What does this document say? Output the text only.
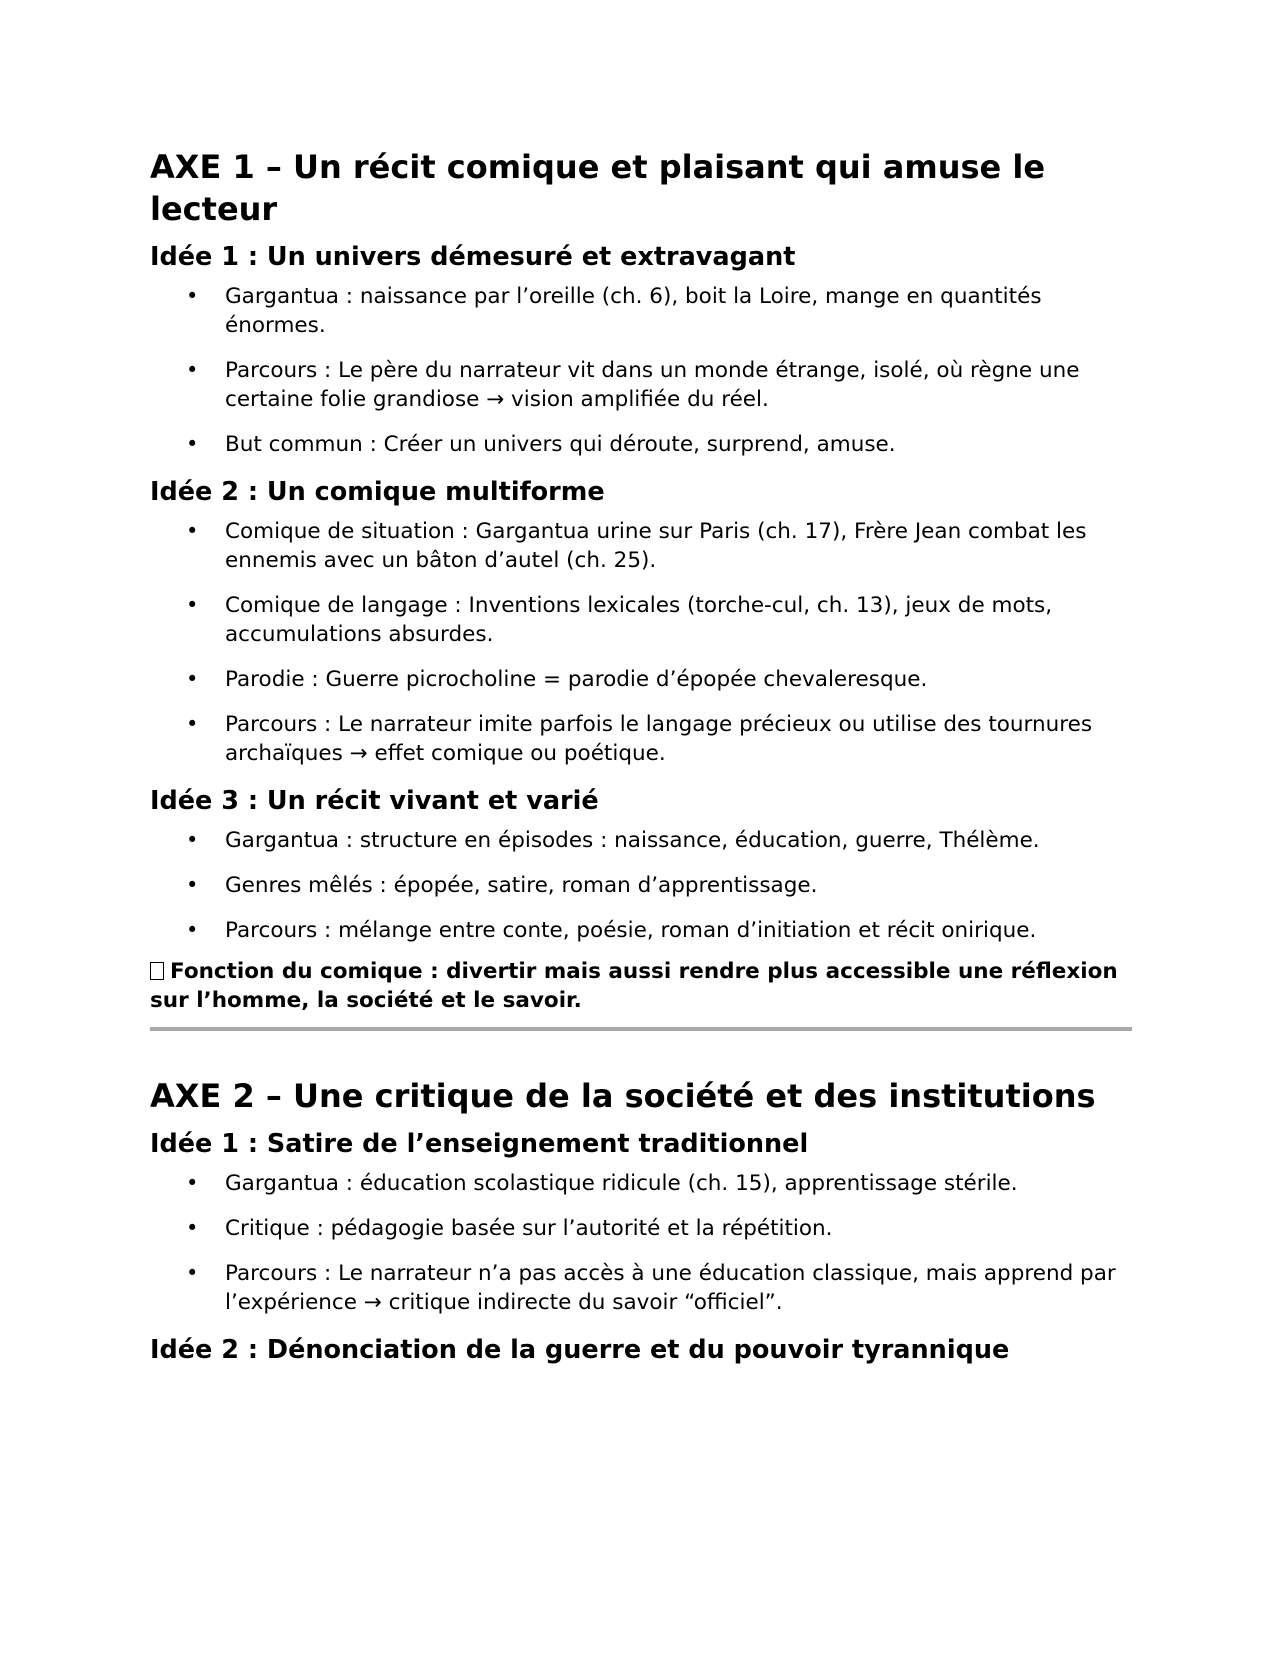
AXE 1 – Un récit comique et plaisant qui amuse le lecteur
Idée 1 : Un univers démesuré et extravagant
• Gargantua : naissance par l’oreille (ch. 6), boit la Loire, mange en quantités énormes.
• Parcours : Le père du narrateur vit dans un monde étrange, isolé, où règne une certaine folie grandiose → vision amplifiée du réel.
• But commun : Créer un univers qui déroute, surprend, amuse.
Idée 2 : Un comique multiforme
• Comique de situation : Gargantua urine sur Paris (ch. 17), Frère Jean combat les ennemis avec un bâton d’autel (ch. 25).
• Comique de langage : Inventions lexicales (torche-cul, ch. 13), jeux de mots, accumulations absurdes.
• Parodie : Guerre picrocholine = parodie d’épopée chevaleresque.
• Parcours : Le narrateur imite parfois le langage précieux ou utilise des tournures archaïques → effet comique ou poétique.
Idée 3 : Un récit vivant et varié
• Gargantua : structure en épisodes : naissance, éducation, guerre, Thélème.
• Genres mêlés : épopée, satire, roman d’apprentissage.
• Parcours : mélange entre conte, poésie, roman d’initiation et récit onirique.

Fonction du comique : divertir mais aussi rendre plus accessible une réflexion sur l’homme, la société et le savoir.

AXE 2 – Une critique de la société et des institutions
Idée 1 : Satire de l’enseignement traditionnel
• Gargantua : éducation scolastique ridicule (ch. 15), apprentissage stérile.
• Critique : pédagogie basée sur l’autorité et la répétition.
• Parcours : Le narrateur n’a pas accès à une éducation classique, mais apprend par l’expérience → critique indirecte du savoir “officiel”.
Idée 2 : Dénonciation de la guerre et du pouvoir tyrannique
